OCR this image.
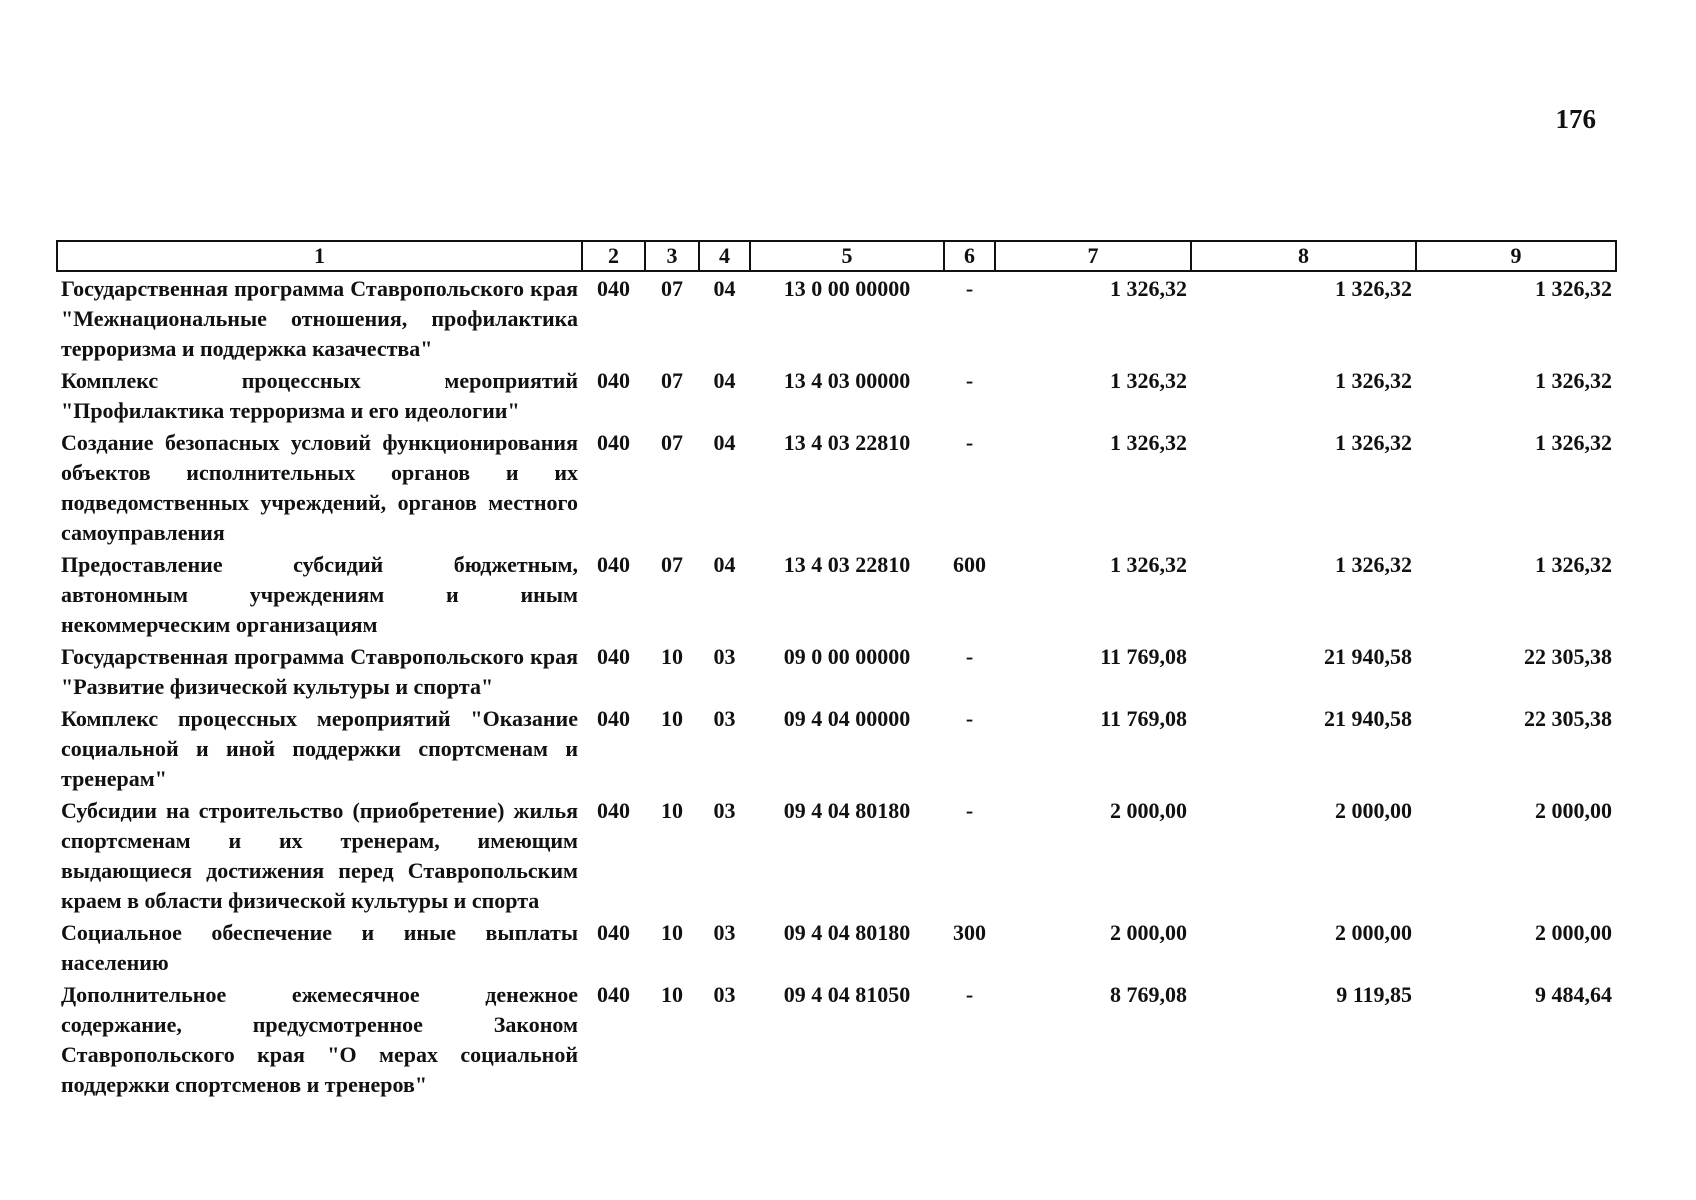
176
1	2	3	4	5	6	7	8	9
Государственная программа Ставропольского края "Межнациональные отношения, профилактика терроризма и поддержка казачества"	040	07	04	13 0 00 00000	-	1 326,32	1 326,32	1 326,32
Комплекс процессных мероприятий "Профилактика терроризма и его идеологии"	040	07	04	13 4 03 00000	-	1 326,32	1 326,32	1 326,32
Создание безопасных условий функционирования объектов исполнительных органов и их подведомственных учреждений, органов местного самоуправления	040	07	04	13 4 03 22810	-	1 326,32	1 326,32	1 326,32
Предоставление субсидий бюджетным, автономным учреждениям и иным некоммерческим организациям	040	07	04	13 4 03 22810	600	1 326,32	1 326,32	1 326,32
Государственная программа Ставропольского края "Развитие физической культуры и спорта"	040	10	03	09 0 00 00000	-	11 769,08	21 940,58	22 305,38
Комплекс процессных мероприятий "Оказание социальной и иной поддержки спортсменам и тренерам"	040	10	03	09 4 04 00000	-	11 769,08	21 940,58	22 305,38
Субсидии на строительство (приобретение) жилья спортсменам и их тренерам, имеющим выдающиеся достижения перед Ставропольским краем в области физической культуры и спорта	040	10	03	09 4 04 80180	-	2 000,00	2 000,00	2 000,00
Социальное обеспечение и иные выплаты населению	040	10	03	09 4 04 80180	300	2 000,00	2 000,00	2 000,00
Дополнительное ежемесячное денежное содержание, предусмотренное Законом Ставропольского края "О мерах социальной поддержки спортсменов и тренеров"	040	10	03	09 4 04 81050	-	8 769,08	9 119,85	9 484,64
